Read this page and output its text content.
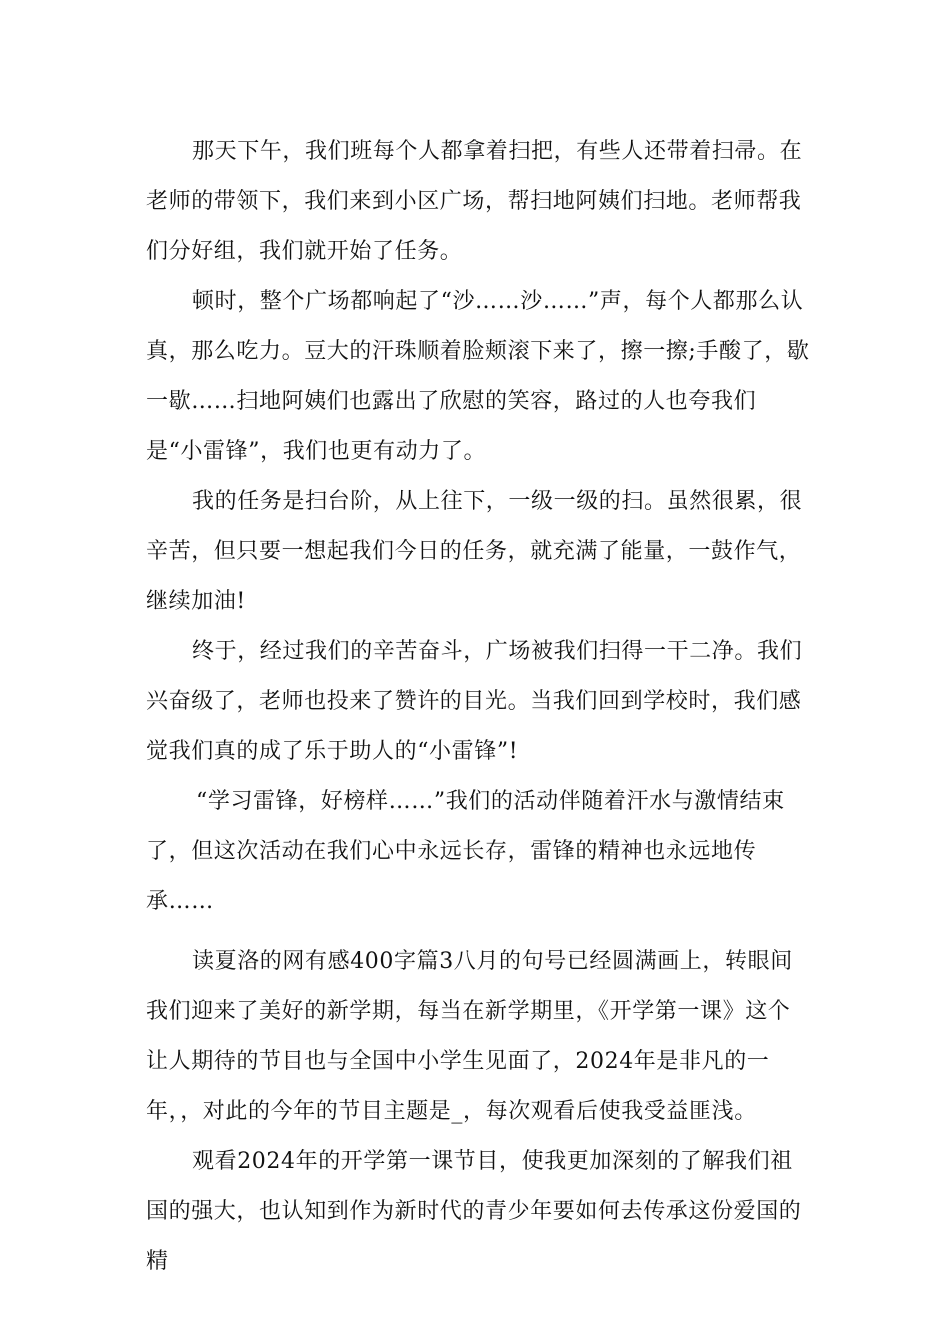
那天下午，我们班每个人都拿着扫把，有些人还带着扫帚。在老师的带领下，我们来到小区广场，帮扫地阿姨们扫地。老师帮我们分好组，我们就开始了任务。

顿时，整个广场都响起了“沙……沙……”声，每个人都那么认真，那么吃力。豆大的汗珠顺着脸颊滚下来了，擦一擦;手酸了，歇一歇……扫地阿姨们也露出了欣慰的笑容，路过的人也夸我们是“小雷锋”，我们也更有动力了。

我的任务是扫台阶，从上往下，一级一级的扫。虽然很累，很辛苦，但只要一想起我们今日的任务，就充满了能量，一鼓作气，继续加油!

终于，经过我们的辛苦奋斗，广场被我们扫得一干二净。我们兴奋级了，老师也投来了赞许的目光。当我们回到学校时，我们感觉我们真的成了乐于助人的“小雷锋”!

“学习雷锋，好榜样……”我们的活动伴随着汗水与激情结束了，但这次活动在我们心中永远长存，雷锋的精神也永远地传承……

读夏洛的网有感400字篇3八月的句号已经圆满画上，转眼间我们迎来了美好的新学期，每当在新学期里，《开学第一课》这个让人期待的节目也与全国中小学生见面了，2024年是非凡的一年，，对此的今年的节目主题是_，每次观看后使我受益匪浅。

观看2024年的开学第一课节目，使我更加深刻的了解我们祖国的强大，也认知到作为新时代的青少年要如何去传承这份爱国的精
